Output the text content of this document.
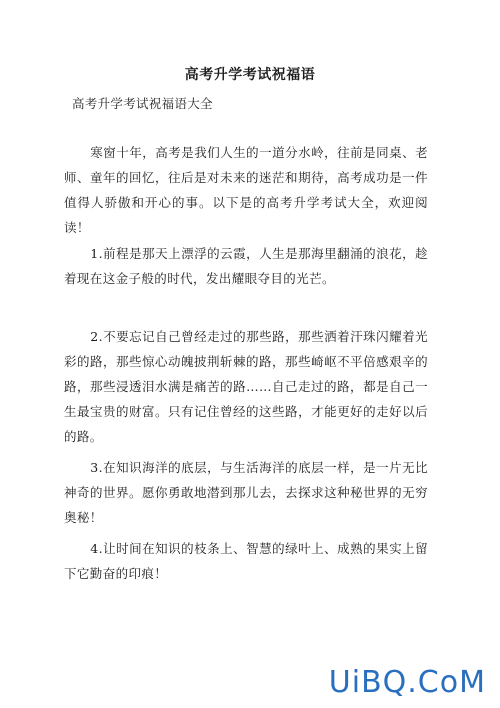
高考升学考试祝福语
高考升学考试祝福语大全
寒窗十年，高考是我们人生的一道分水岭，往前是同桌、老师、童年的回忆，往后是对未来的迷茫和期待，高考成功是一件值得人骄傲和开心的事。以下是的高考升学考试大全，欢迎阅读！
1.前程是那天上漂浮的云霞，人生是那海里翻涌的浪花，趁着现在这金子般的时代，发出耀眼夺目的光芒。
2.不要忘记自己曾经走过的那些路，那些洒着汗珠闪耀着光彩的路，那些惊心动魄披荆斩棘的路，那些崎岖不平倍感艰辛的路，那些浸透泪水满是痛苦的路……自己走过的路，都是自己一生最宝贵的财富。只有记住曾经的这些路，才能更好的走好以后的路。
3.在知识海洋的底层，与生活海洋的底层一样，是一片无比神奇的世界。愿你勇敢地潜到那儿去，去探求这种秘世界的无穷奥秘！
4.让时间在知识的枝条上、智慧的绿叶上、成熟的果实上留下它勤奋的印痕！
UiBQ.CoM
